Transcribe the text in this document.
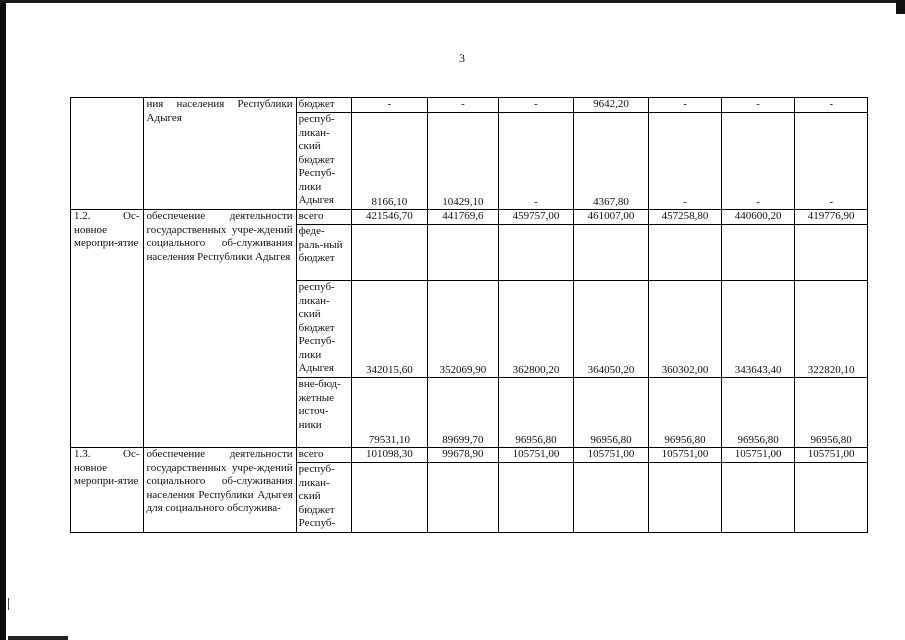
3
	ния населения Республики Адыгея	бюджет	-	-	-	9642,20	-	-	-
		респуб-ликан-ский бюджет Респуб-лики Адыгея	8166,10	10429,10	-	4367,80	-	-	-
1.2. Ос-новное меропри-ятие	обеспечение деятельности государственных учре-ждений социального об-служивания населения Республики Адыгея	всего	421546,70	441769,6	459757,00	461007,00	457258,80	440600,20	419776,90
		феде-раль-ный бюджет							
		респуб-ликан-ский бюджет Респуб-лики Адыгея	342015,60	352069,90	362800,20	364050,20	360302,00	343643,40	322820,10
		вне-бюд-жетные источ-ники	79531,10	89699,70	96956,80	96956,80	96956,80	96956,80	96956,80
1.3. Ос-новное меропри-ятие	обеспечение деятельности государственных учре-ждений социального об-служивания населения Республики Адыгея для социального обслужива-	всего	101098,30	99678,90	105751,00	105751,00	105751,00	105751,00	105751,00
		респуб-ликан-ский бюджет Респуб-							
